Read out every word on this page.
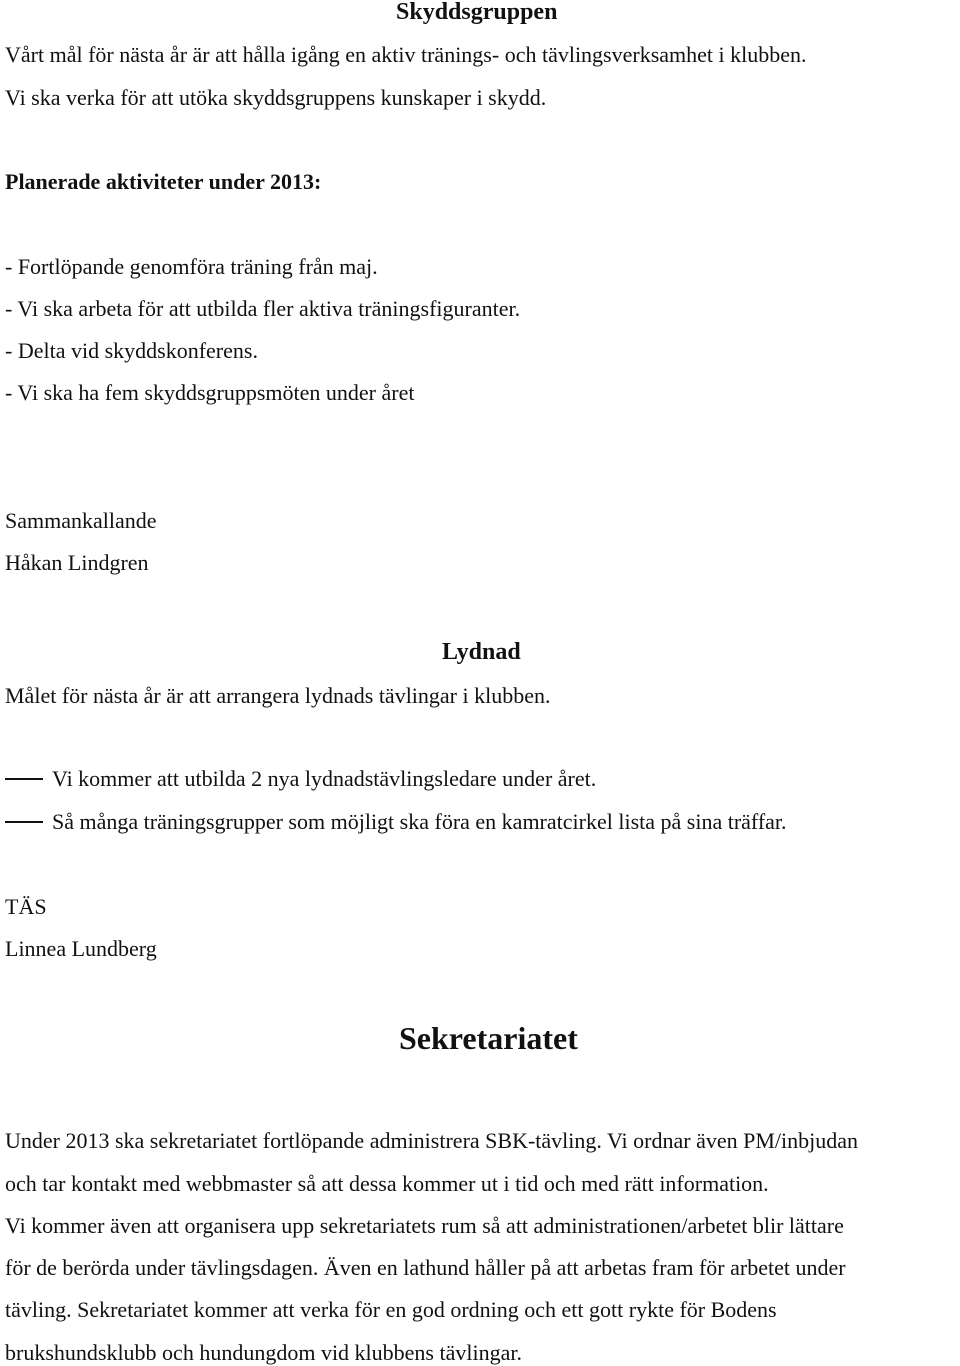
Skyddsgruppen
Vårt mål för nästa år är att hålla igång en aktiv tränings- och tävlingsverksamhet i klubben.
Vi ska verka för att utöka skyddsgruppens kunskaper i skydd.
Planerade aktiviteter under 2013:
- Fortlöpande genomföra träning från maj.
- Vi ska arbeta för att utbilda fler aktiva träningsfiguranter.
- Delta vid skyddskonferens.
- Vi ska ha fem skyddsgruppsmöten under året
Sammankallande
Håkan Lindgren
Lydnad
Målet för nästa år är att arrangera lydnads tävlingar i klubben.
Vi kommer att utbilda 2 nya lydnadstävlingsledare under året.
Så många träningsgrupper som möjligt ska föra en kamratcirkel lista på sina träffar.
TÄS
Linnea Lundberg
Sekretariatet
Under 2013 ska sekretariatet fortlöpande administrera SBK-tävling. Vi ordnar även PM/inbjudan
och tar kontakt med webbmaster så att dessa kommer ut i tid och med rätt information.
Vi kommer även att organisera upp sekretariatets rum så att administrationen/arbetet blir lättare
för de berörda under tävlingsdagen. Även en lathund håller på att arbetas fram för arbetet under
tävling. Sekretariatet kommer att verka för en god ordning och ett gott rykte för Bodens
brukshundsklubb och hundungdom vid klubbens tävlingar.
